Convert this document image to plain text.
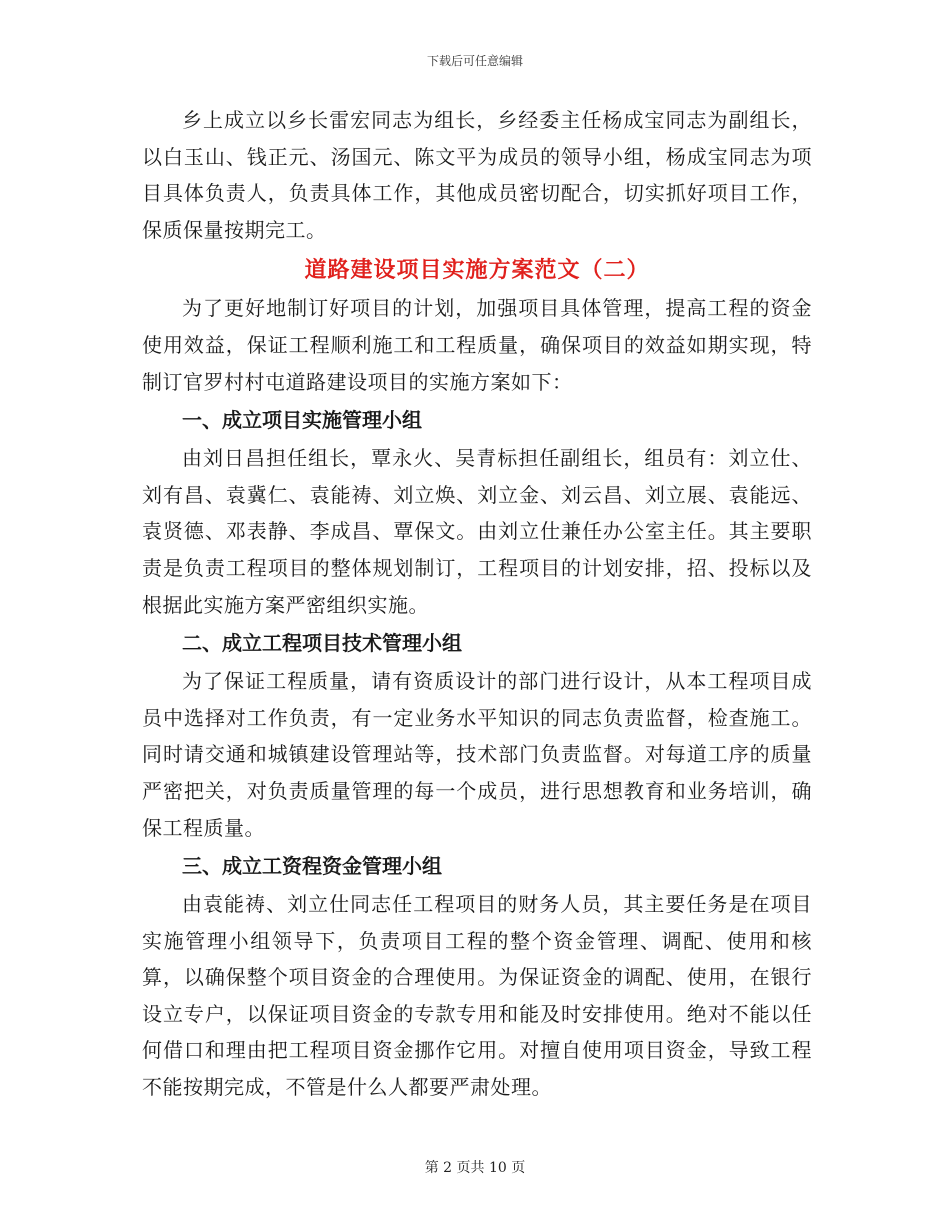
下载后可任意编辑

乡上成立以乡长雷宏同志为组长，乡经委主任杨成宝同志为副组长，以白玉山、钱正元、汤国元、陈文平为成员的领导小组，杨成宝同志为项目具体负责人，负责具体工作，其他成员密切配合，切实抓好项目工作，保质保量按期完工。

道路建设项目实施方案范文（二）

为了更好地制订好项目的计划，加强项目具体管理，提高工程的资金使用效益，保证工程顺利施工和工程质量，确保项目的效益如期实现，特制订官罗村村屯道路建设项目的实施方案如下：

一、成立项目实施管理小组

由刘日昌担任组长，覃永火、吴青标担任副组长，组员有：刘立仕、刘有昌、袁冀仁、袁能祷、刘立焕、刘立金、刘云昌、刘立展、袁能远、袁贤德、邓表静、李成昌、覃保文。由刘立仕兼任办公室主任。其主要职责是负责工程项目的整体规划制订，工程项目的计划安排，招、投标以及根据此实施方案严密组织实施。

二、成立工程项目技术管理小组

为了保证工程质量，请有资质设计的部门进行设计，从本工程项目成员中选择对工作负责，有一定业务水平知识的同志负责监督，检查施工。同时请交通和城镇建设管理站等，技术部门负责监督。对每道工序的质量严密把关，对负责质量管理的每一个成员，进行思想教育和业务培训，确保工程质量。

三、成立工资程资金管理小组

由袁能祷、刘立仕同志任工程项目的财务人员，其主要任务是在项目实施管理小组领导下，负责项目工程的整个资金管理、调配、使用和核算，以确保整个项目资金的合理使用。为保证资金的调配、使用，在银行设立专户，以保证项目资金的专款专用和能及时安排使用。绝对不能以任何借口和理由把工程项目资金挪作它用。对擅自使用项目资金，导致工程不能按期完成，不管是什么人都要严肃处理。

第 2 页共 10 页
